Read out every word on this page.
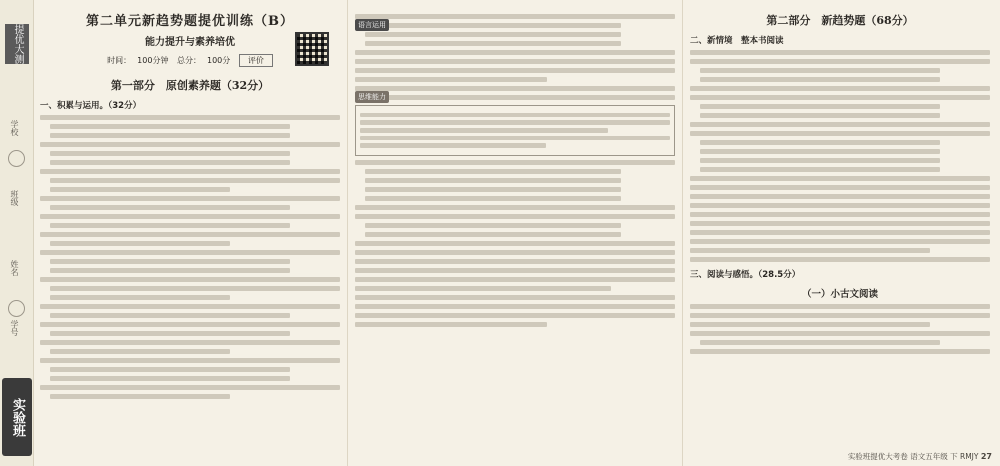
提优大测
学校
班级
姓名
学号
实验班
第二单元新趋势题提优训练（B）
能力提升与素养培优
时间： 100分钟 总分： 100分 评价
第一部分　原创素养题（32分）
一、积累与运用。（32分）
语言运用
思维能力
第二部分　新趋势题（68分）
二、新情境　整本书阅读
三、阅读与感悟。（28.5分）
（一）小古文阅读
实验班提优大考卷 语文五年级 下 RMJY 27
